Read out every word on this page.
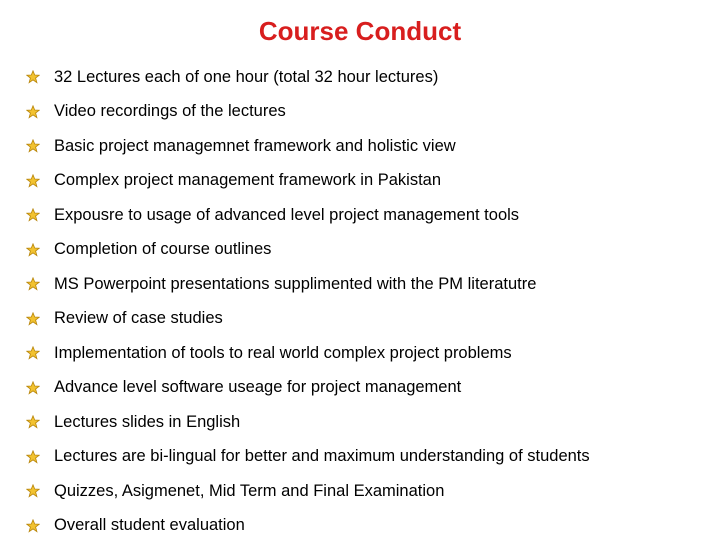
Course Conduct
32 Lectures each of one hour (total 32 hour lectures)
Video recordings of the lectures
Basic project managemnet framework and holistic view
Complex project management framework in Pakistan
Expousre to usage of advanced level project management tools
Completion of course outlines
MS Powerpoint presentations supplimented with the PM literatutre
Review of case studies
Implementation of tools to real world complex project problems
Advance level software useage for project management
Lectures slides in English
Lectures are bi-lingual for better and maximum understanding of students
Quizzes, Asigmenet, Mid Term and Final Examination
Overall student evaluation
